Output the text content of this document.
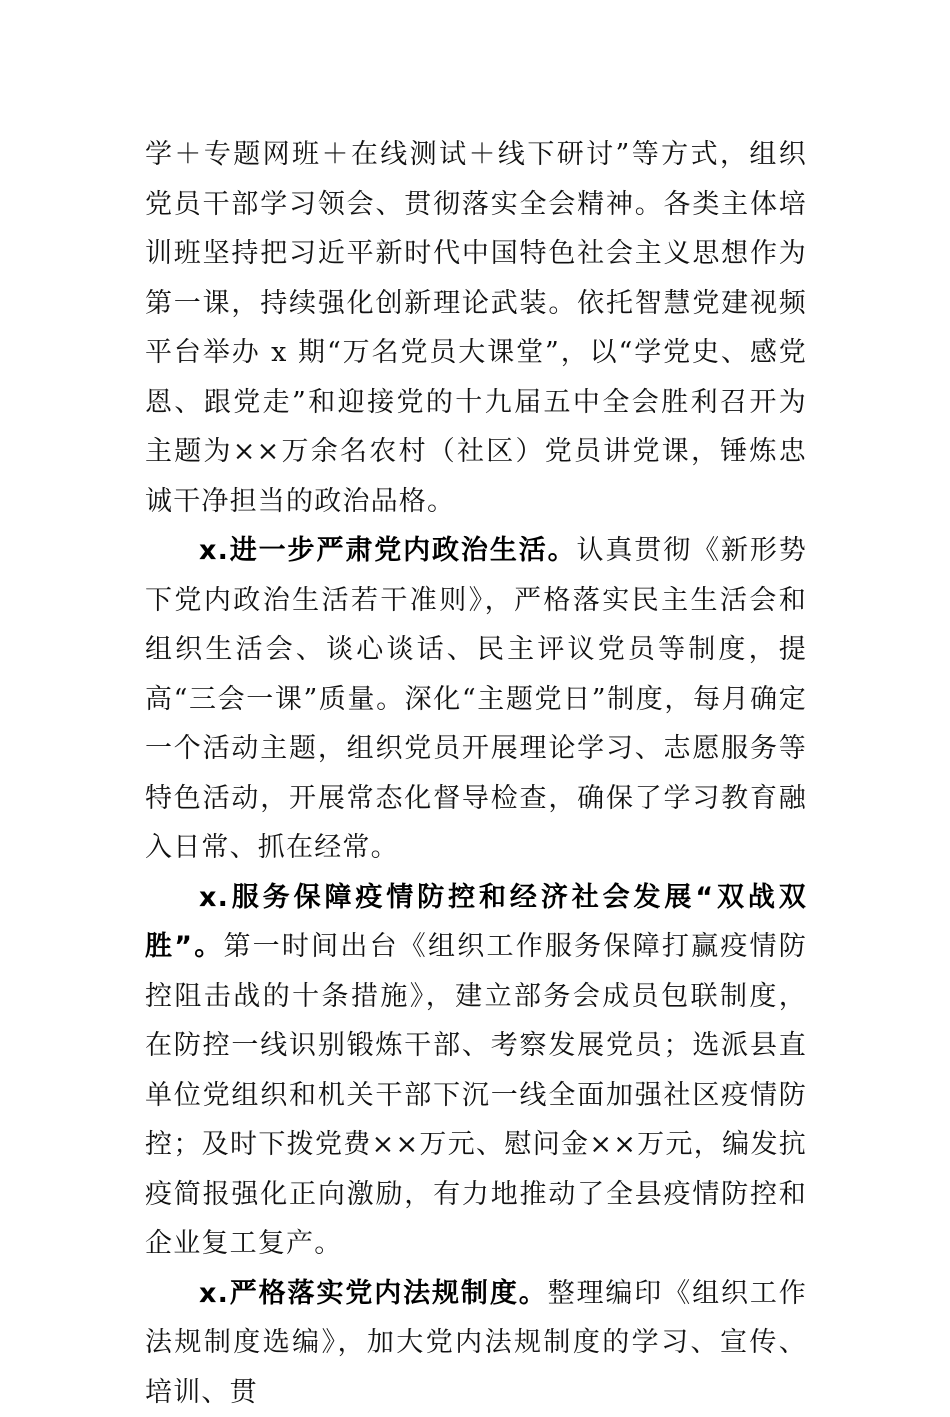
学＋专题网班＋在线测试＋线下研讨”等方式，组织党员干部学习领会、贯彻落实全会精神。各类主体培训班坚持把习近平新时代中国特色社会主义思想作为第一课，持续强化创新理论武装。依托智慧党建视频平台举办 x 期“万名党员大课堂”，以“学党史、感党恩、跟党走”和迎接党的十九届五中全会胜利召开为主题为××万余名农村（社区）党员讲党课，锤炼忠诚干净担当的政治品格。

x.进一步严肃党内政治生活。认真贯彻《新形势下党内政治生活若干准则》，严格落实民主生活会和组织生活会、谈心谈话、民主评议党员等制度，提高“三会一课”质量。深化“主题党日”制度，每月确定一个活动主题，组织党员开展理论学习、志愿服务等特色活动，开展常态化督导检查，确保了学习教育融入日常、抓在经常。

x.服务保障疫情防控和经济社会发展“双战双胜”。第一时间出台《组织工作服务保障打赢疫情防控阻击战的十条措施》，建立部务会成员包联制度，在防控一线识别锻炼干部、考察发展党员；选派县直单位党组织和机关干部下沉一线全面加强社区疫情防控；及时下拨党费××万元、慰问金××万元，编发抗疫简报强化正向激励，有力地推动了全县疫情防控和企业复工复产。

x.严格落实党内法规制度。整理编印《组织工作法规制度选编》，加大党内法规制度的学习、宣传、培训、贯
